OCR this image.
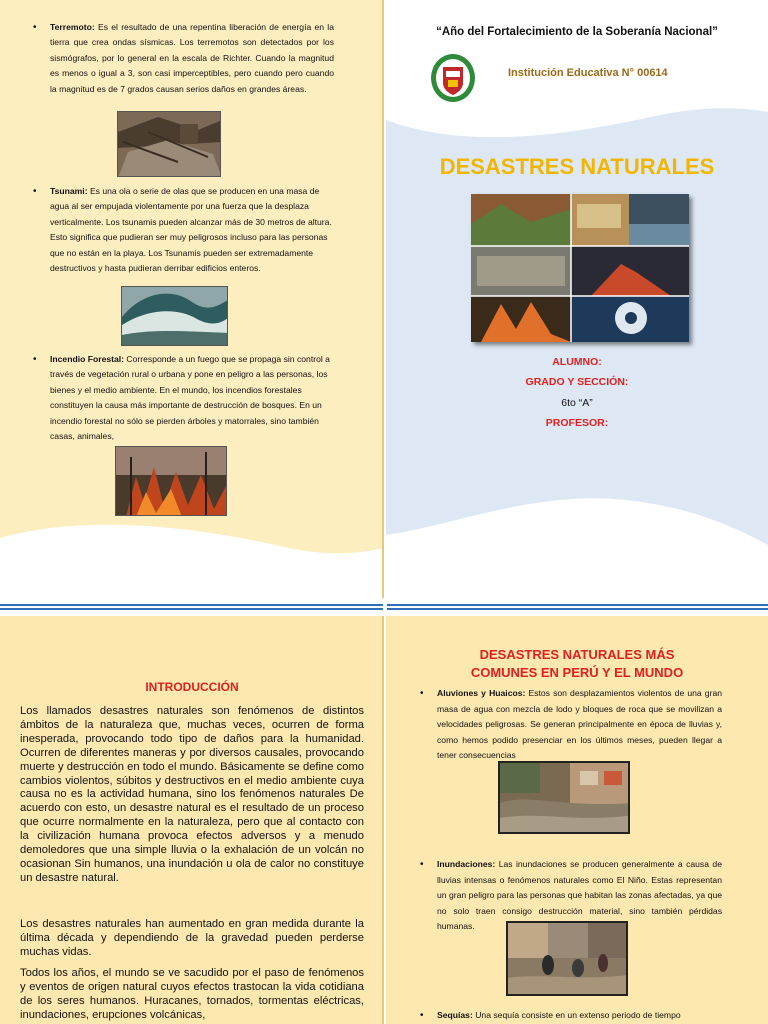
• Terremoto: Es el resultado de una repentina liberación de energía en la tierra que crea ondas sísmicas. Los terremotos son detectados por los sismógrafos, por lo general en la escala de Richter. Cuando la magnitud es menos o igual a 3, son casi imperceptibles, pero cuando pero cuando la magnitud es de 7 grados causan serios daños en grandes áreas.
• Tsunami: Es una ola o serie de olas que se producen en una masa de agua al ser empujada violentamente por una fuerza que la desplaza verticalmente. Los tsunamis pueden alcanzar más de 30 metros de altura. Esto significa que pudieran ser muy peligrosos incluso para las personas que no están en la playa. Los Tsunamis pueden ser extremadamente destructivos y hasta pudieran derribar edificios enteros.
• Incendio Forestal: Corresponde a un fuego que se propaga sin control a través de vegetación rural o urbana y pone en peligro a las personas, los bienes y el medio ambiente. En el mundo, los incendios forestales constituyen la causa más importante de destrucción de bosques. En un incendio forestal no sólo se pierden árboles y matorrales, sino también casas, animales,
“Año del Fortalecimiento de la Soberanía Nacional”
Institución Educativa N° 00614
DESASTRES NATURALES
ALUMNO:
GRADO Y SECCIÓN:
6to “A”
PROFESOR:
INTRODUCCIÓN

Los llamados desastres naturales son fenómenos de distintos ámbitos de la naturaleza que, muchas veces, ocurren de forma inesperada, provocando todo tipo de daños para la humanidad. Ocurren de diferentes maneras y por diversos causales, provocando muerte y destrucción en todo el mundo. Básicamente se define como cambios violentos, súbitos y destructivos en el medio ambiente cuya causa no es la actividad humana, sino los fenómenos naturales De acuerdo con esto, un desastre natural es el resultado de un proceso que ocurre normalmente en la naturaleza, pero que al contacto con la civilización humana provoca efectos adversos y a menudo demoledores que una simple lluvia o la exhalación de un volcán no ocasionan Sin humanos, una inundación u ola de calor no constituye un desastre natural.

Los desastres naturales han aumentado en gran medida durante la última década y dependiendo de la gravedad pueden perderse muchas vidas.

Todos los años, el mundo se ve sacudido por el paso de fenómenos y eventos de origen natural cuyos efectos trastocan la vida cotidiana de los seres humanos. Huracanes, tornados, tormentas eléctricas, inundaciones, erupciones volcánicas,

DESASTRES NATURALES MÁS
COMUNES EN PERÚ Y EL MUNDO
• Aluviones y Huaicos: Estos son desplazamientos violentos de una gran masa de agua con mezcla de lodo y bloques de roca que se movilizan a velocidades peligrosas. Se generan principalmente en época de lluvias y, como hemos podido presenciar en los últimos meses, pueden llegar a tener consecuencias
• Inundaciones: Las inundaciones se producen generalmente a causa de lluvias intensas o fenómenos naturales como El Niño. Estas representan un gran peligro para las personas que habitan las zonas afectadas, ya que no solo traen consigo destrucción material, sino también pérdidas humanas.
• Sequías: Una sequía consiste en un extenso periodo de tiempo
